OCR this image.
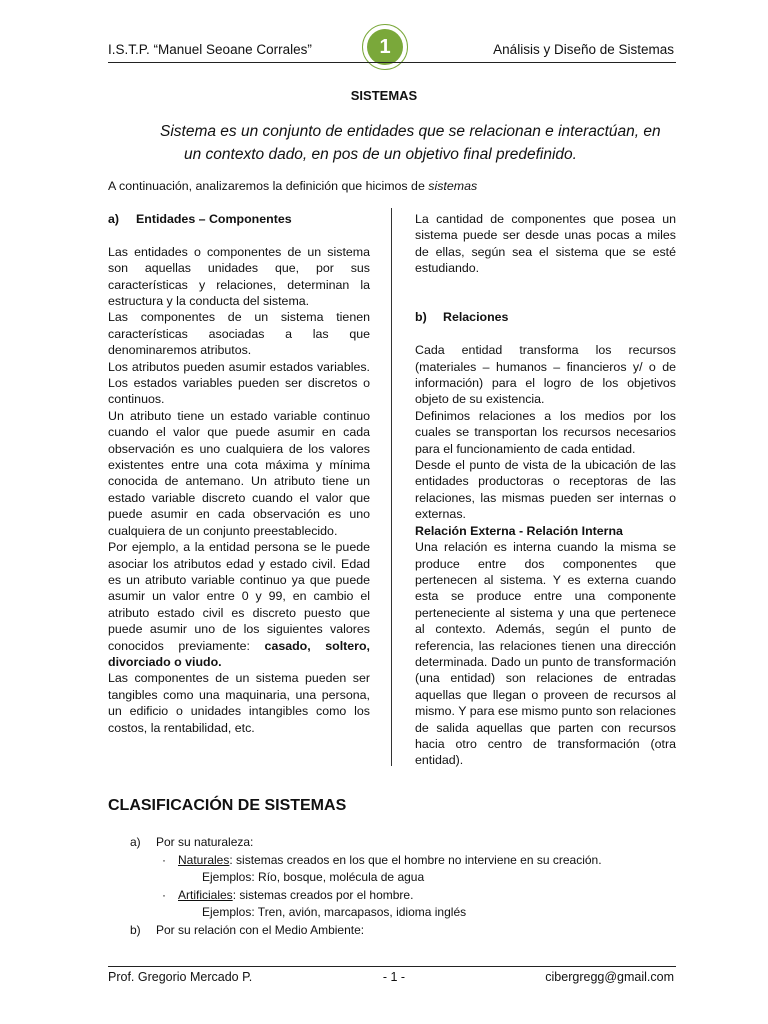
I.S.T.P. “Manuel Seoane Corrales”	1	Análisis y Diseño de Sistemas
SISTEMAS
Sistema es un conjunto de entidades que se relacionan e interactúan, en
un contexto dado, en pos de un objetivo final predefinido.
A continuación, analizaremos la definición que hicimos de sistemas

a) Entidades – Componentes

Las entidades o componentes de un sistema son aquellas unidades que, por sus características y relaciones, determinan la estructura y la conducta del sistema.

Las componentes de un sistema tienen características asociadas a las que denominaremos atributos.

Los atributos pueden asumir estados variables. Los estados variables pueden ser discretos o continuos.

Un atributo tiene un estado variable continuo cuando el valor que puede asumir en cada observación es uno cualquiera de los valores existentes entre una cota máxima y mínima conocida de antemano. Un atributo tiene un estado variable discreto cuando el valor que puede asumir en cada observación es uno cualquiera de un conjunto preestablecido.

Por ejemplo, a la entidad persona se le puede asociar los atributos edad y estado civil. Edad es un atributo variable continuo ya que puede asumir un valor entre 0 y 99, en cambio el atributo estado civil es discreto puesto que puede asumir uno de los siguientes valores conocidos previamente: casado, soltero, divorciado o viudo.

Las componentes de un sistema pueden ser tangibles como una maquinaria, una persona, un edificio o unidades intangibles como los costos, la rentabilidad, etc.

La cantidad de componentes que posea un sistema puede ser desde unas pocas a miles de ellas, según sea el sistema que se esté estudiando.

b) Relaciones

Cada entidad transforma los recursos (materiales – humanos – financieros y/ o de información) para el logro de los objetivos objeto de su existencia.

Definimos relaciones a los medios por los cuales se transportan los recursos necesarios para el funcionamiento de cada entidad.

Desde el punto de vista de la ubicación de las entidades productoras o receptoras de las relaciones, las mismas pueden ser internas o externas.

Relación Externa - Relación Interna

Una relación es interna cuando la misma se produce entre dos componentes que pertenecen al sistema. Y es externa cuando esta se produce entre una componente perteneciente al sistema y una que pertenece al contexto. Además, según el punto de referencia, las relaciones tienen una dirección determinada. Dado un punto de transformación (una entidad) son relaciones de entradas aquellas que llegan o proveen de recursos al mismo. Y para ese mismo punto son relaciones de salida aquellas que parten con recursos hacia otro centro de transformación (otra entidad).

CLASIFICACIÓN DE SISTEMAS
a) Por su naturaleza:
· Naturales: sistemas creados en los que el hombre no interviene en su creación.
Ejemplos: Río, bosque, molécula de agua
· Artificiales: sistemas creados por el hombre.
Ejemplos: Tren, avión, marcapasos, idioma inglés
b) Por su relación con el Medio Ambiente:
Prof. Gregorio Mercado P.	- 1 -	cibergregg@gmail.com
